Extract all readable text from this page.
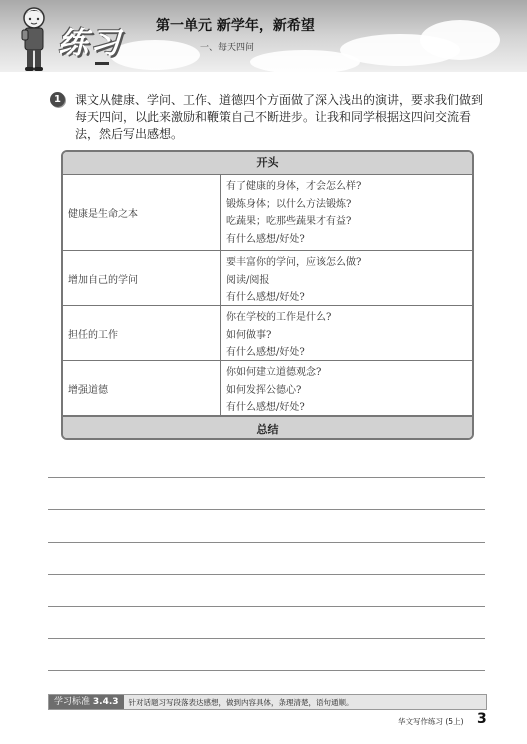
练习 第一单元 新学年，新希望
一、每天四问
1	课文从健康、学问、工作、道德四个方面做了深入浅出的演讲，要求我们做到每天四问，以此来激励和鞭策自己不断进步。让我和同学根据这四问交流看法，然后写出感想。
开头
健康是生命之本
有了健康的身体，才会怎么样?
锻炼身体；以什么方法锻炼?
吃蔬果；吃那些蔬果才有益?
有什么感想/好处?
增加自己的学问
要丰富你的学问，应该怎么做?
阅读/阅报
有什么感想/好处?
担任的工作
你在学校的工作是什么?
如何做事?
有什么感想/好处?
增强道德
你如何建立道德观念?
如何发挥公德心?
有什么感想/好处?
总结
学习标准 3.4.3	针对话题习写段落表达感想，做到内容具体，条理清楚，语句通顺。
华文写作练习 (5上) 3
